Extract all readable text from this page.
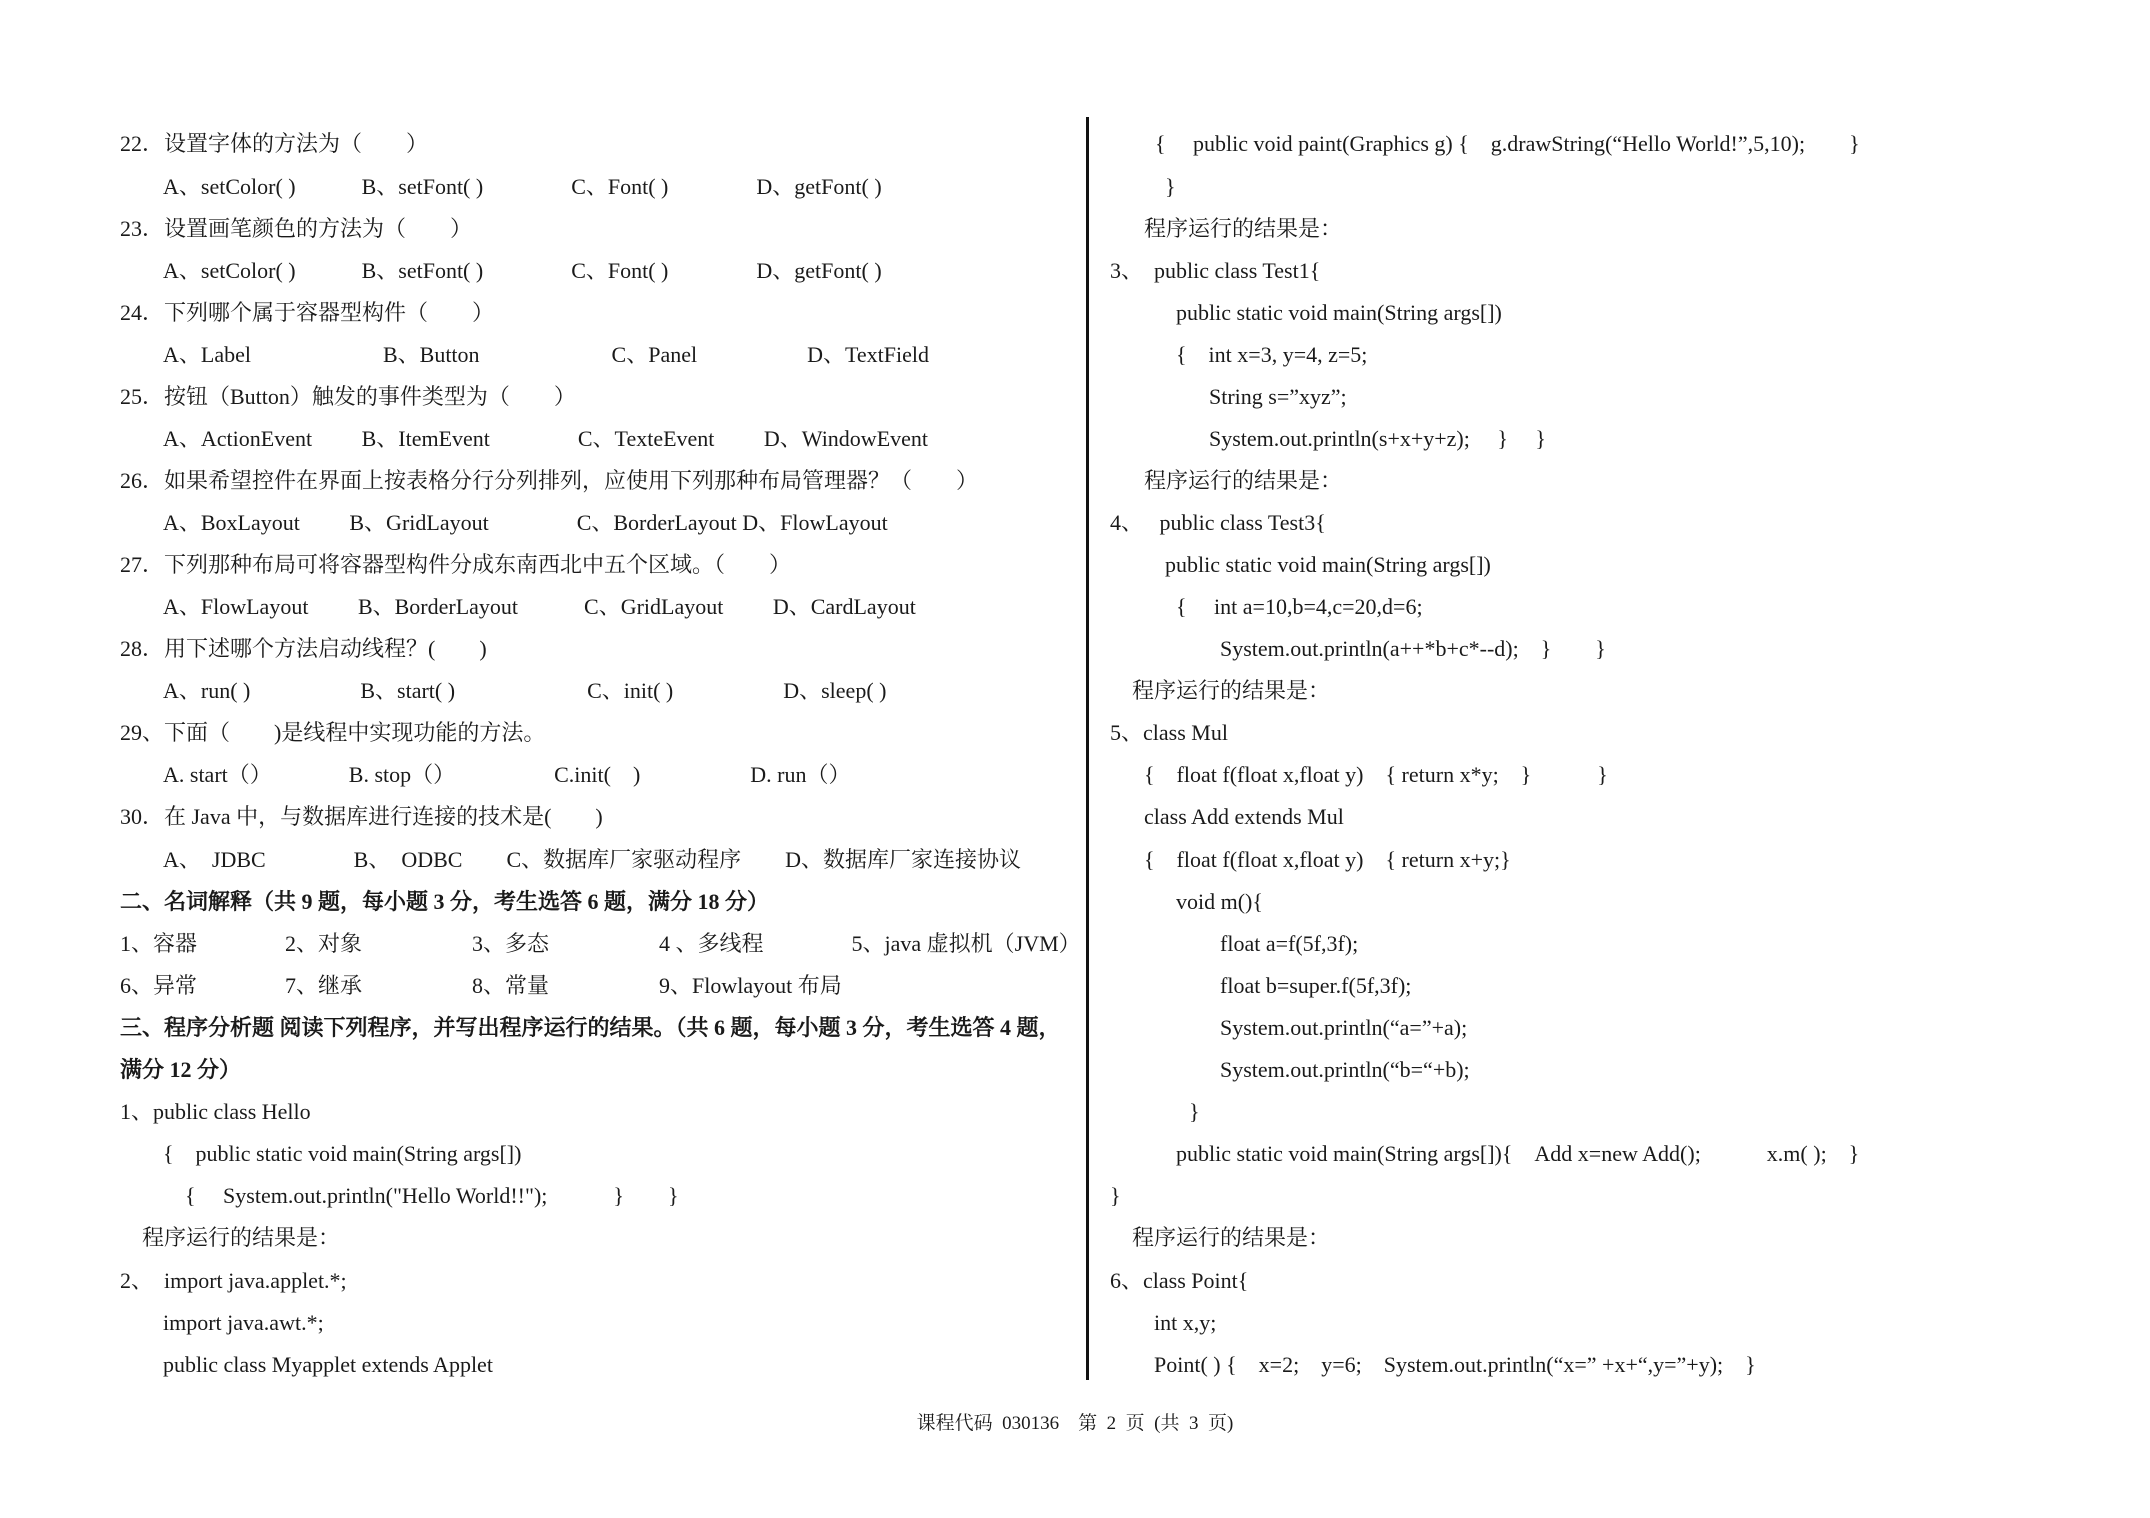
22．设置字体的方法为（　　）
A、setColor( )　　　B、setFont( )　　　　C、Font( )　　　　D、getFont( )
23．设置画笔颜色的方法为（　　）
A、setColor( )　　　B、setFont( )　　　　C、Font( )　　　　D、getFont( )
24．下列哪个属于容器型构件（　　）
A、Label　　　　　　B、Button　　　　　　C、Panel　　　　　D、TextField
25．按钮（Button）触发的事件类型为（　　）
A、ActionEvent　　 B、ItemEvent　　　　C、TexteEvent　　 D、WindowEvent
26．如果希望控件在界面上按表格分行分列排列，应使用下列那种布局管理器？（　　）
A、BoxLayout　　 B、GridLayout　　　　C、BorderLayout D、FlowLayout
27．下列那种布局可将容器型构件分成东南西北中五个区域。（　　）
A、FlowLayout　　 B、BorderLayout　　　C、GridLayout　　 D、CardLayout
28．用下述哪个方法启动线程？(　　)
A、run( )　　　　　B、start( )　　　　　　C、init( )　　　　　D、sleep( )
29、下面（　　)是线程中实现功能的方法。
A. start（）　　　　B. stop（）　　　　　C.init(　)　　　　　D. run（）
30．在 Java 中，与数据库进行连接的技术是(　　)
A、　JDBC　　　　B、　ODBC　　C、数据库厂家驱动程序　　D、数据库厂家连接协议
二、名词解释（共 9 题，每小题 3 分，考生选答 6 题，满分 18 分）
1、容器　　　　2、对象　　　　　3、多态　　　　　4 、多线程　　　　5、java 虚拟机（JVM）
6、异常　　　　7、继承　　　　　8、常量　　　　　9、Flowlayout 布局
三、程序分析题 阅读下列程序，并写出程序运行的结果。（共 6 题，每小题 3 分，考生选答 4 题，
满分 12 分）
1、public class Hello
{　public static void main(String args[])
{　 System.out.println("Hello World!!");　　　}　　}
程序运行的结果是：
2、　import java.applet.*;
import java.awt.*;
public class Myapplet extends Applet
{　 public void paint(Graphics g) {　g.drawString(“Hello World!”,5,10);　　}
}
程序运行的结果是：
3、　public class Test1{
public static void main(String args[])
{　int x=3, y=4, z=5;
String s=”xyz”;
System.out.println(s+x+y+z);　 }　 }
程序运行的结果是：
4、　 public class Test3{
public static void main(String args[])
{　 int a=10,b=4,c=20,d=6;
System.out.println(a++*b+c*--d);　}　　}
程序运行的结果是：
5、class Mul
{　float f(float x,float y)　{ return x*y;　}　　　}
class Add extends Mul
{　float f(float x,float y)　{ return x+y;}
void m(){
float a=f(5f,3f);
float b=super.f(5f,3f);
System.out.println(“a=”+a);
System.out.println(“b=“+b);
}
public static void main(String args[]){　Add x=new Add();　　　x.m( );　}
}
程序运行的结果是：
6、class Point{
int x,y;
Point( ) {　x=2;　y=6;　System.out.println(“x=” +x+“,y=”+y);　}
课程代码  030136    第  2  页  (共  3  页)
